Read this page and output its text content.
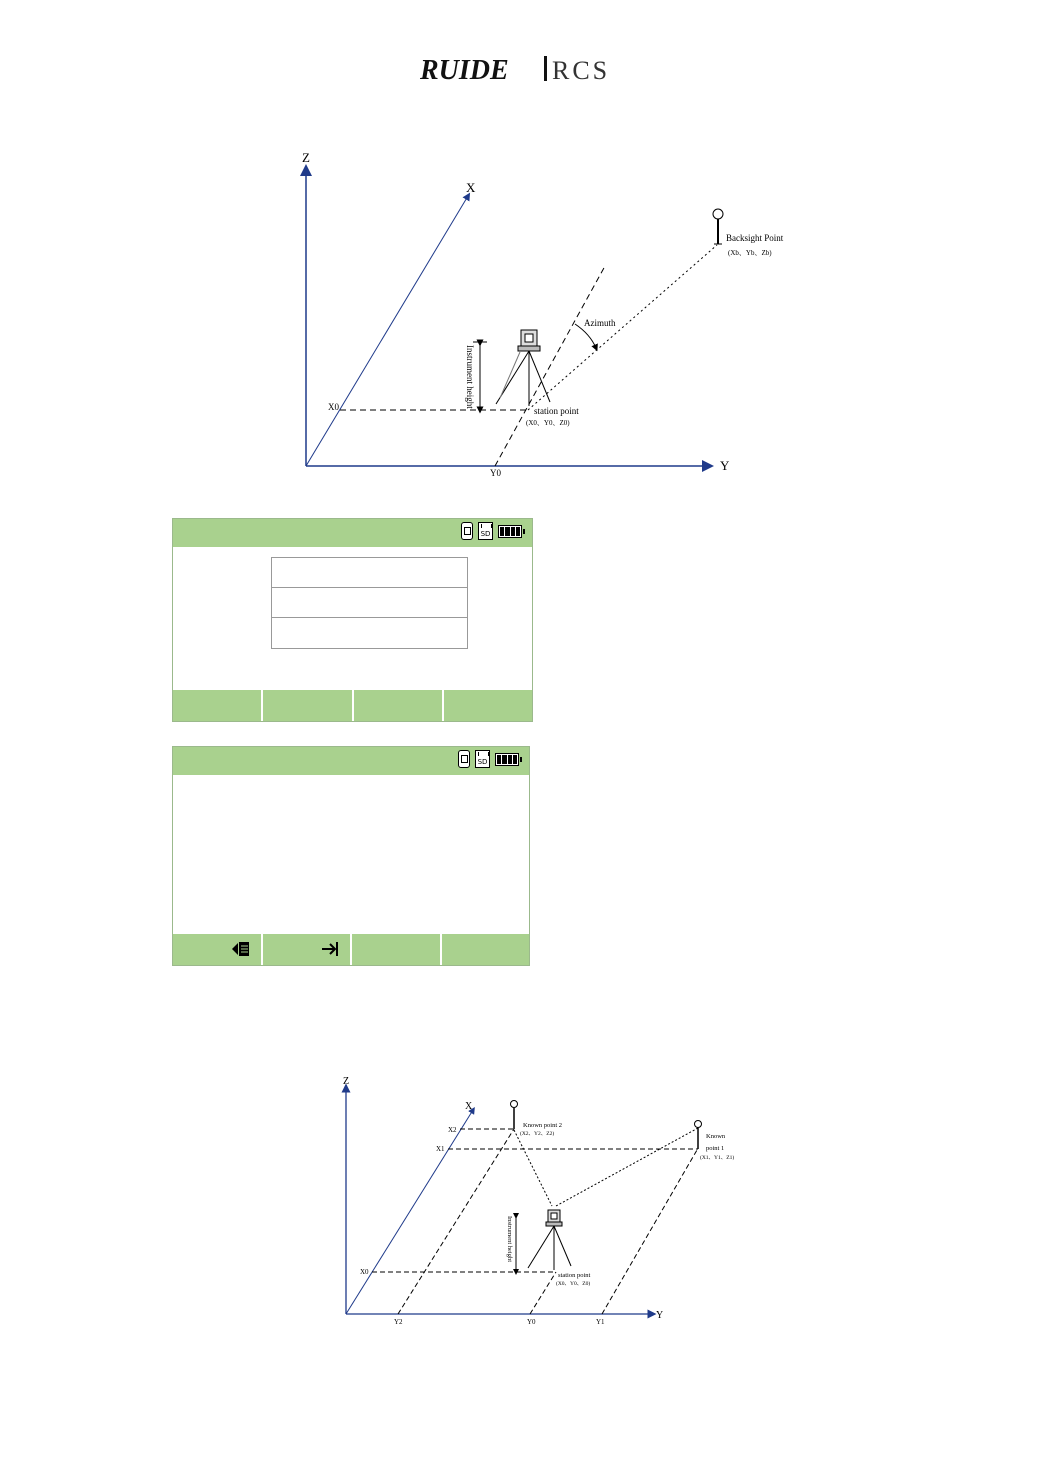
RUIDE RCS
Z
X
Y
X0
Y0
Backsight Point
(Xb、Yb、Zb)
Azimuth
Instrument height
station point
(X0、Y0、Z0)
SD
SD
Z
X
Y
X2
X1
X0
Y2	Y0	Y1
Known point 2
(X2、Y2、Z2)	Known
point 1
(X1、Y1、Z1)
Instrument height
station point
(X0、Y0、Z0)
